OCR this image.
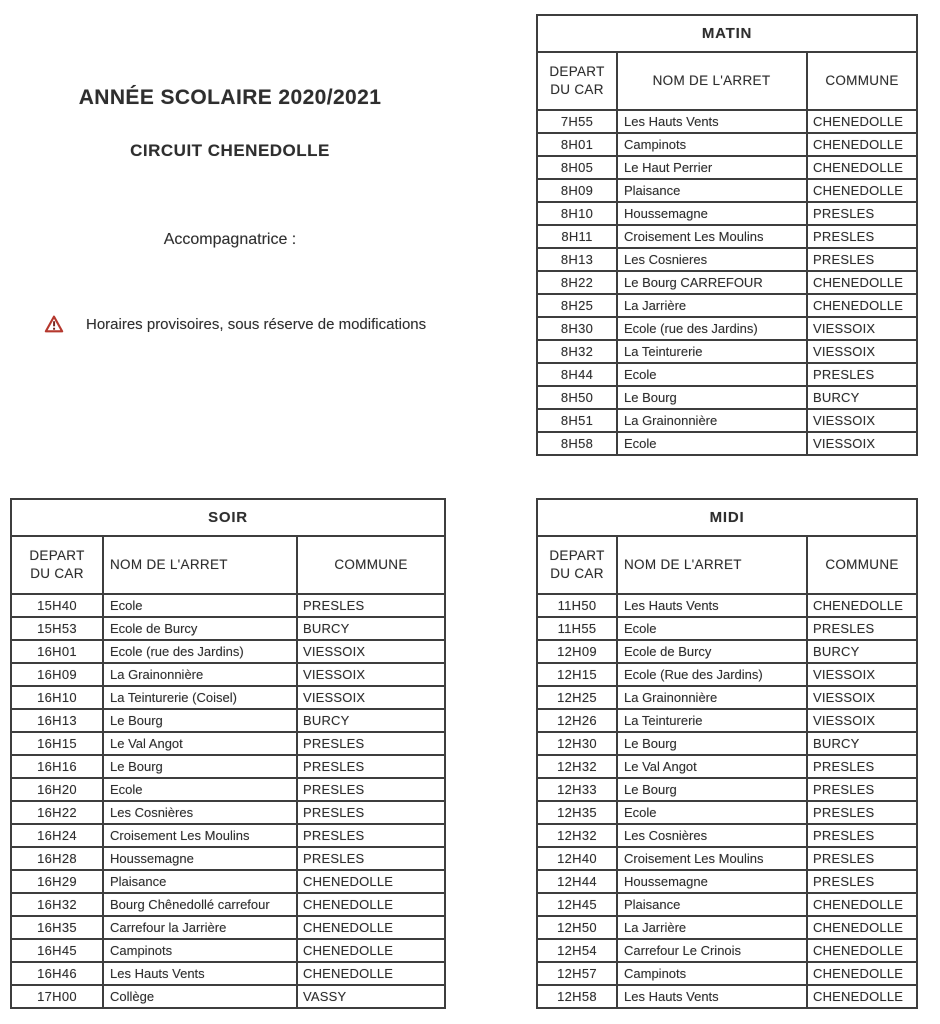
ANNÉE SCOLAIRE 2020/2021
CIRCUIT CHENEDOLLE
Accompagnatrice :
Horaires provisoires, sous réserve de modifications
MATIN		
DEPART DU CAR	NOM DE L'ARRET	COMMUNE
7H55	Les Hauts Vents	CHENEDOLLE
8H01	Campinots	CHENEDOLLE
8H05	Le Haut Perrier	CHENEDOLLE
8H09	Plaisance	CHENEDOLLE
8H10	Houssemagne	PRESLES
8H11	Croisement Les Moulins	PRESLES
8H13	Les Cosnieres	PRESLES
8H22	Le Bourg CARREFOUR	CHENEDOLLE
8H25	La Jarrière	CHENEDOLLE
8H30	Ecole (rue des Jardins)	VIESSOIX
8H32	La Teinturerie	VIESSOIX
8H44	Ecole	PRESLES
8H50	Le Bourg	BURCY
8H51	La Grainonnière	VIESSOIX
8H58	Ecole	VIESSOIX
SOIR		
DEPART DU CAR	NOM DE L'ARRET	COMMUNE
15H40	Ecole	PRESLES
15H53	Ecole de Burcy	BURCY
16H01	Ecole (rue des Jardins)	VIESSOIX
16H09	La Grainonnière	VIESSOIX
16H10	La Teinturerie (Coisel)	VIESSOIX
16H13	Le Bourg	BURCY
16H15	Le Val Angot	PRESLES
16H16	Le Bourg	PRESLES
16H20	Ecole	PRESLES
16H22	Les Cosnières	PRESLES
16H24	Croisement Les Moulins	PRESLES
16H28	Houssemagne	PRESLES
16H29	Plaisance	CHENEDOLLE
16H32	Bourg Chênedollé carrefour	CHENEDOLLE
16H35	Carrefour la Jarrière	CHENEDOLLE
16H45	Campinots	CHENEDOLLE
16H46	Les Hauts Vents	CHENEDOLLE
17H00	Collège	VASSY
MIDI		
DEPART DU CAR	NOM DE L'ARRET	COMMUNE
11H50	Les Hauts Vents	CHENEDOLLE
11H55	Ecole	PRESLES
12H09	Ecole de Burcy	BURCY
12H15	Ecole (Rue des Jardins)	VIESSOIX
12H25	La Grainonnière	VIESSOIX
12H26	La Teinturerie	VIESSOIX
12H30	Le Bourg	BURCY
12H32	Le Val Angot	PRESLES
12H33	Le Bourg	PRESLES
12H35	Ecole	PRESLES
12H32	Les Cosnières	PRESLES
12H40	Croisement Les Moulins	PRESLES
12H44	Houssemagne	PRESLES
12H45	Plaisance	CHENEDOLLE
12H50	La Jarrière	CHENEDOLLE
12H54	Carrefour Le Crinois	CHENEDOLLE
12H57	Campinots	CHENEDOLLE
12H58	Les Hauts Vents	CHENEDOLLE
